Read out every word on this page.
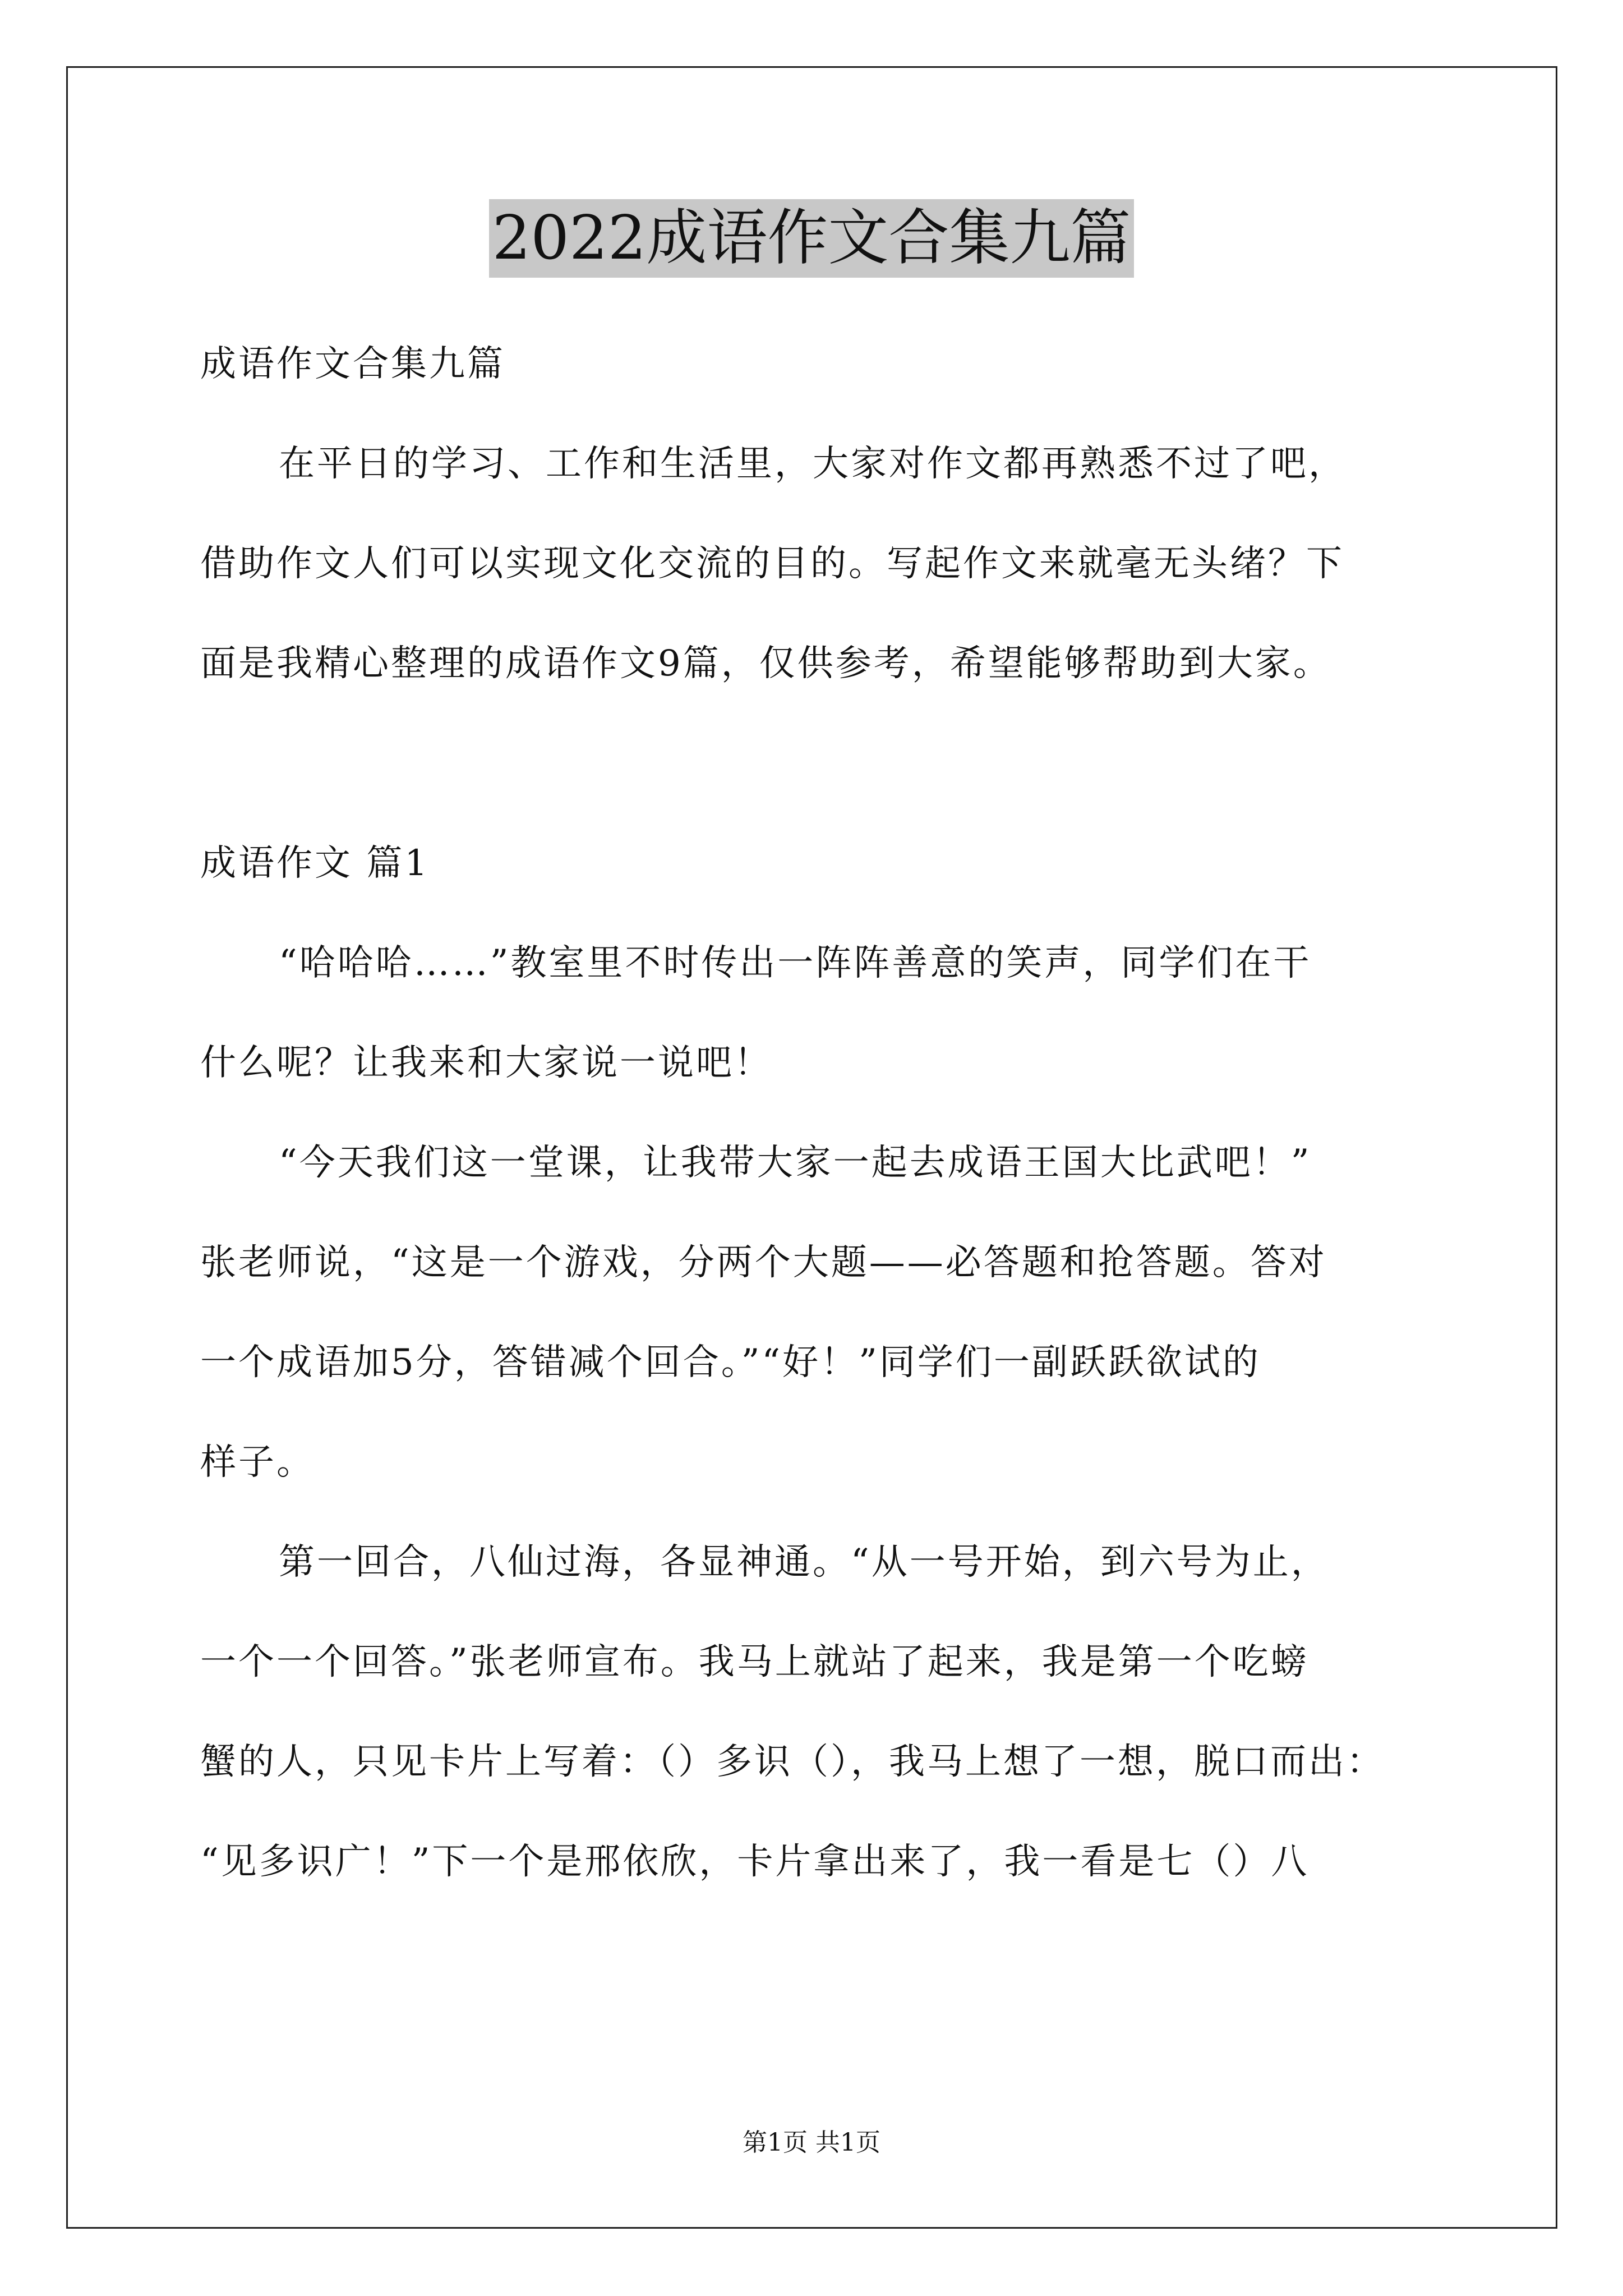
2022成语作文合集九篇
成语作文合集九篇
在平日的学习、工作和生活里，大家对作文都再熟悉不过了吧，
借助作文人们可以实现文化交流的目的。写起作文来就毫无头绪？下
面是我精心整理的成语作文9篇，仅供参考，希望能够帮助到大家。
成语作文 篇1
“哈哈哈……”教室里不时传出一阵阵善意的笑声，同学们在干
什么呢？让我来和大家说一说吧！
“今天我们这一堂课，让我带大家一起去成语王国大比武吧！”
张老师说，“这是一个游戏，分两个大题——必答题和抢答题。答对
一个成语加5分，答错减个回合。”“好！”同学们一副跃跃欲试的
样子。
第一回合，八仙过海，各显神通。“从一号开始，到六号为止，
一个一个回答。”张老师宣布。我马上就站了起来，我是第一个吃螃
蟹的人，只见卡片上写着：（）多识（），我马上想了一想，脱口而出：
“见多识广！”下一个是邢依欣，卡片拿出来了，我一看是七（）八
第1页 共1页
